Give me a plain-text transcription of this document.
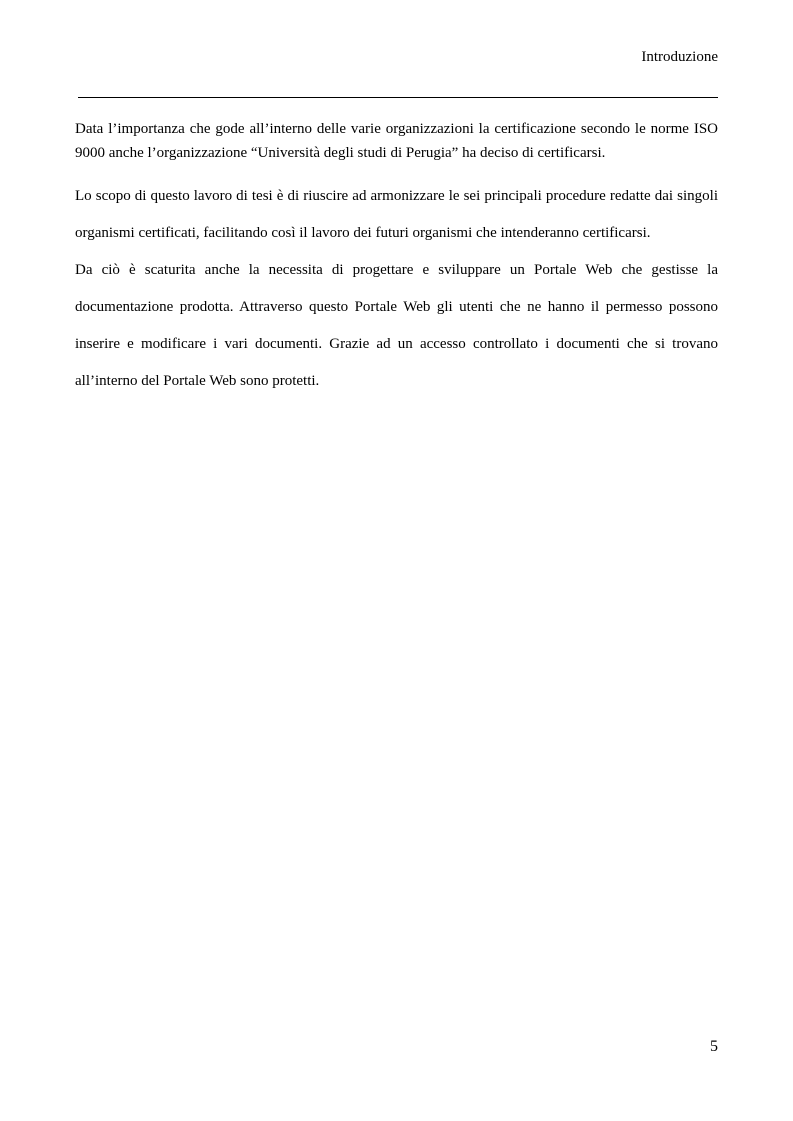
Introduzione

Data l’importanza che gode all’interno delle varie organizzazioni la certificazione secondo le norme ISO 9000 anche l’organizzazione “Università degli studi di Perugia” ha deciso di certificarsi.

Lo scopo di questo lavoro di tesi è di riuscire ad armonizzare le sei principali procedure redatte dai singoli organismi certificati, facilitando così il lavoro dei futuri organismi che intenderanno certificarsi.

Da ciò è scaturita anche la necessita di progettare e sviluppare un Portale Web che gestisse la documentazione prodotta. Attraverso questo Portale Web gli utenti che ne hanno il permesso possono inserire e modificare i vari documenti. Grazie ad un accesso controllato i documenti che si trovano all’interno del Portale Web sono protetti.

5
